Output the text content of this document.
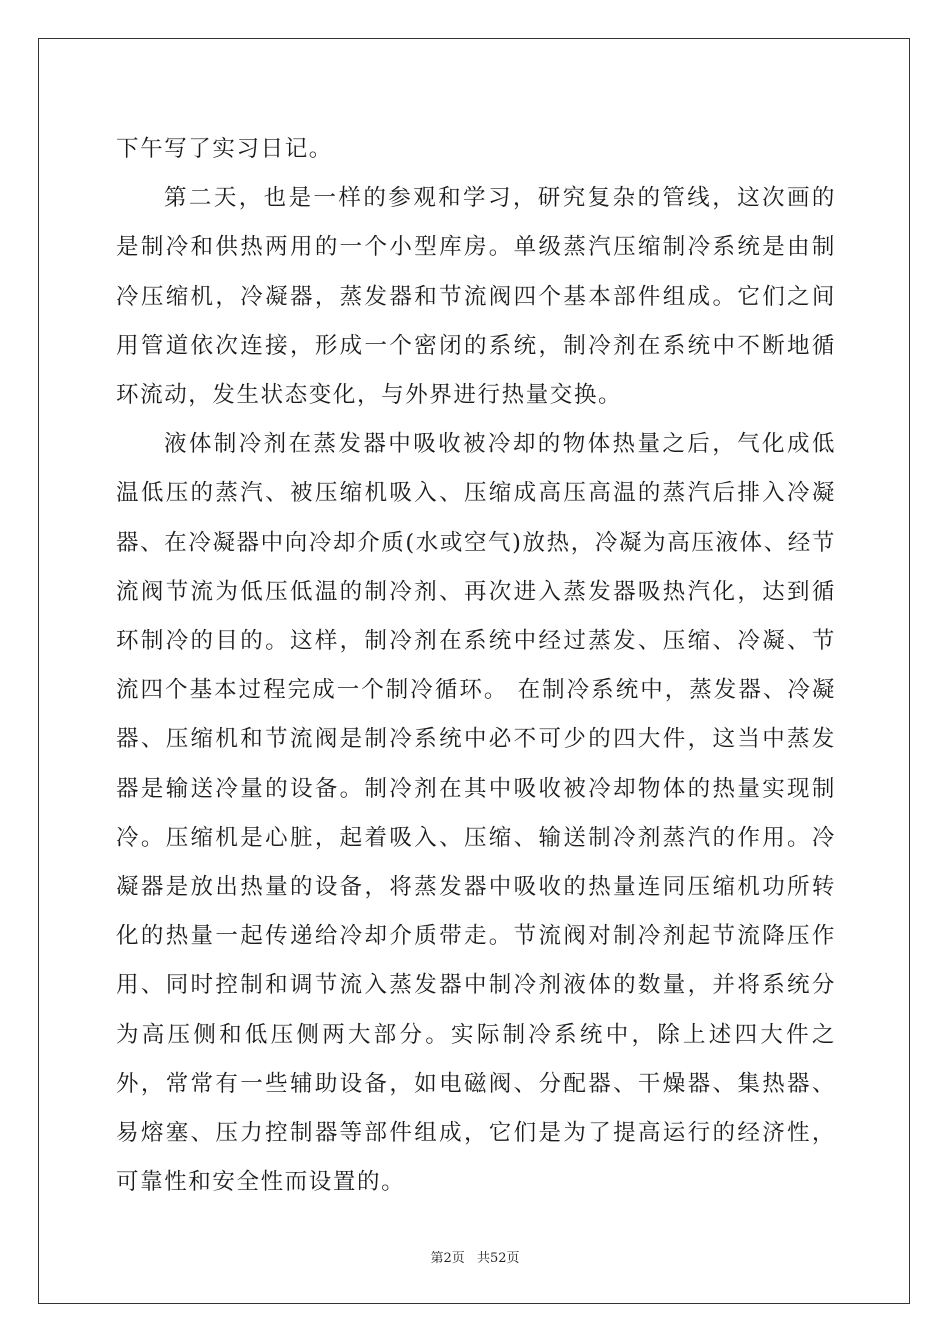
下午写了实习日记。

第二天，也是一样的参观和学习，研究复杂的管线，这次画的是制冷和供热两用的一个小型库房。单级蒸汽压缩制冷系统是由制冷压缩机，冷凝器，蒸发器和节流阀四个基本部件组成。它们之间用管道依次连接，形成一个密闭的系统，制冷剂在系统中不断地循环流动，发生状态变化，与外界进行热量交换。

液体制冷剂在蒸发器中吸收被冷却的物体热量之后，气化成低温低压的蒸汽、被压缩机吸入、压缩成高压高温的蒸汽后排入冷凝器、在冷凝器中向冷却介质(水或空气)放热，冷凝为高压液体、经节流阀节流为低压低温的制冷剂、再次进入蒸发器吸热汽化，达到循环制冷的目的。这样，制冷剂在系统中经过蒸发、压缩、冷凝、节流四个基本过程完成一个制冷循环。 在制冷系统中，蒸发器、冷凝器、压缩机和节流阀是制冷系统中必不可少的四大件，这当中蒸发器是输送冷量的设备。制冷剂在其中吸收被冷却物体的热量实现制冷。压缩机是心脏，起着吸入、压缩、输送制冷剂蒸汽的作用。冷凝器是放出热量的设备，将蒸发器中吸收的热量连同压缩机功所转化的热量一起传递给冷却介质带走。节流阀对制冷剂起节流降压作用、同时控制和调节流入蒸发器中制冷剂液体的数量，并将系统分为高压侧和低压侧两大部分。实际制冷系统中，除上述四大件之外，常常有一些辅助设备，如电磁阀、分配器、干燥器、集热器、易熔塞、压力控制器等部件组成，它们是为了提高运行的经济性，可靠性和安全性而设置的。

第2页 共52页
